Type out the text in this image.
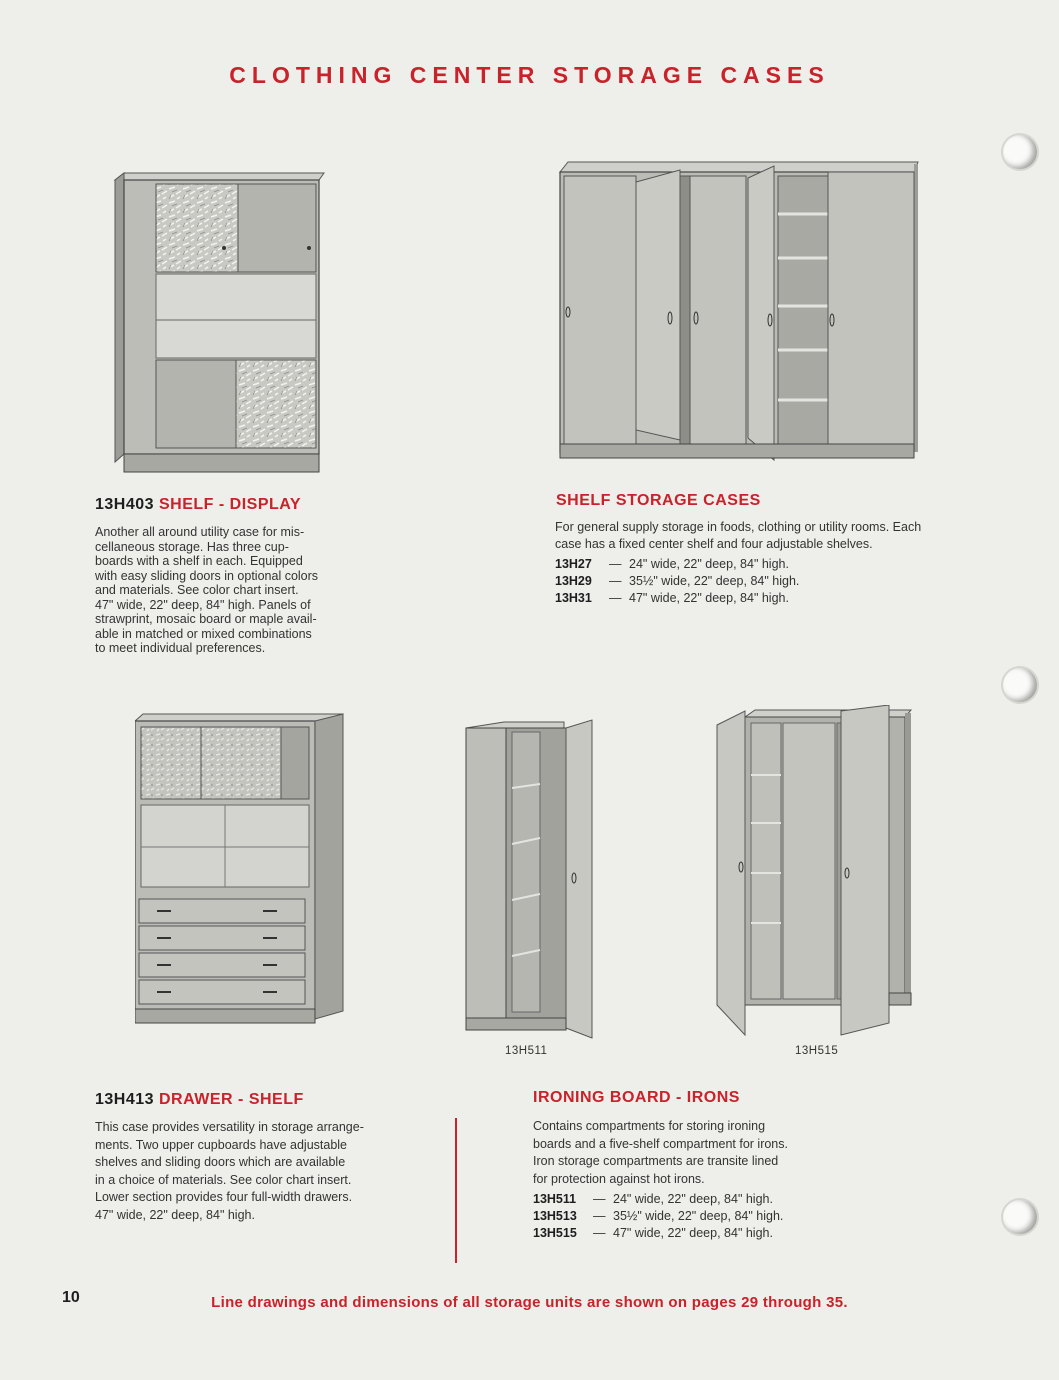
CLOTHING CENTER STORAGE CASES
13H403 SHELF - DISPLAY
Another all around utility case for mis-
cellaneous storage. Has three cup-
boards with a shelf in each. Equipped
with easy sliding doors in optional colors
and materials. See color chart insert.
47" wide, 22" deep, 84" high. Panels of
strawprint, mosaic board or maple avail-
able in matched or mixed combinations
to meet individual preferences.
SHELF STORAGE CASES
For general supply storage in foods, clothing or utility rooms. Each
case has a fixed center shelf and four adjustable shelves.
13H27	— 24" wide, 22" deep, 84" high.
13H29	— 35½" wide, 22" deep, 84" high.
13H31	— 47" wide, 22" deep, 84" high.
13H511	13H515
13H413 DRAWER - SHELF
This case provides versatility in storage arrange-
ments. Two upper cupboards have adjustable
shelves and sliding doors which are available
in a choice of materials. See color chart insert.
Lower section provides four full-width drawers.
47" wide, 22" deep, 84" high.
IRONING BOARD - IRONS
Contains compartments for storing ironing
boards and a five-shelf compartment for irons.
Iron storage compartments are transite lined
for protection against hot irons.
13H511	— 24" wide, 22" deep, 84" high.
13H513	— 35½" wide, 22" deep, 84" high.
13H515	— 47" wide, 22" deep, 84" high.
10	Line drawings and dimensions of all storage units are shown on pages 29 through 35.
